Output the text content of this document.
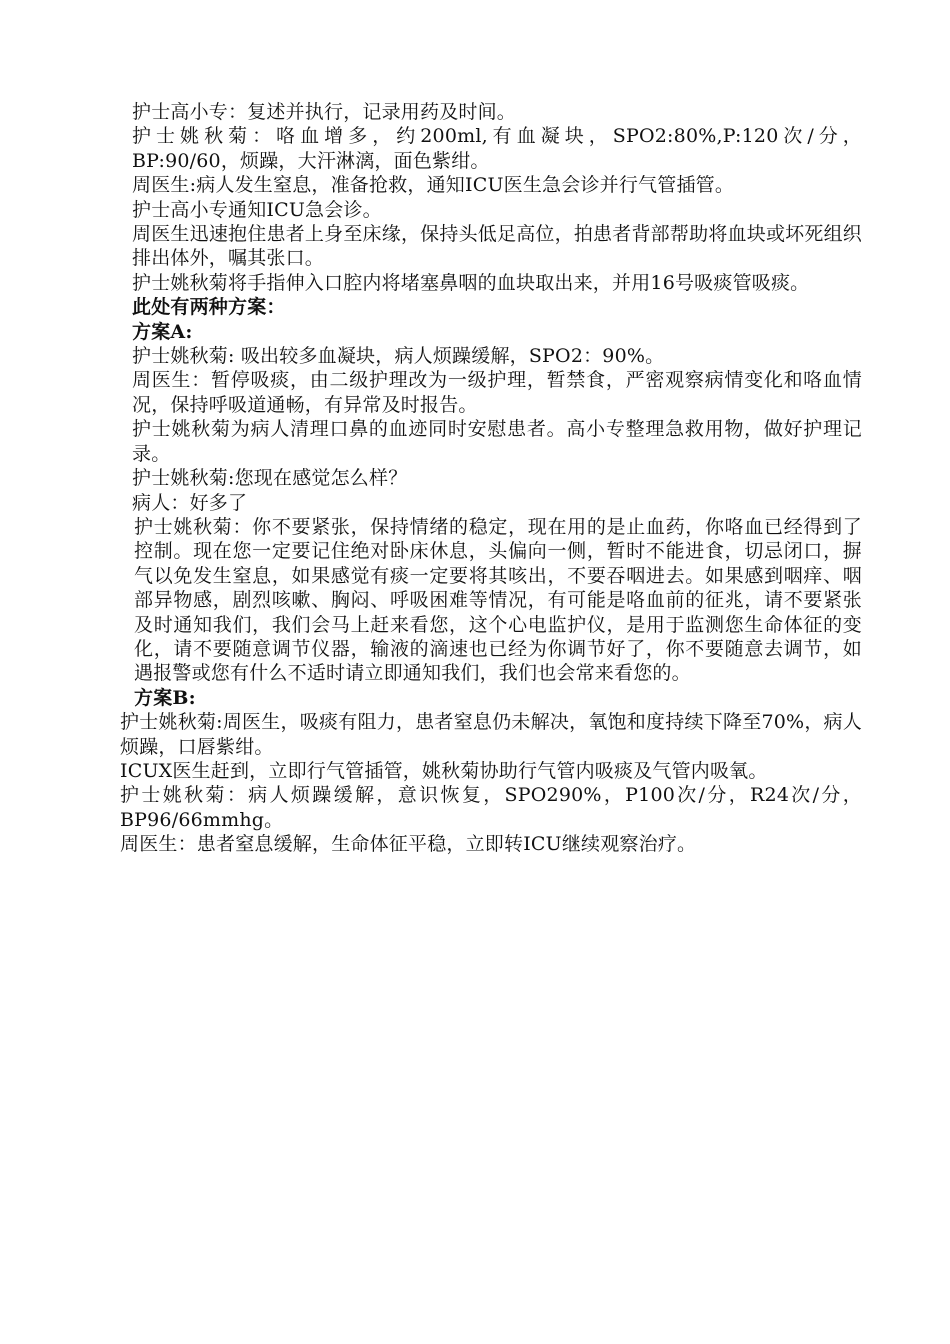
护士高小专：复述并执行，记录用药及时间。

护士姚秋菊：咯血增多，约200ml,有血凝块，SPO2:80%,P:120次/分，BP:90/60，烦躁，大汗淋漓，面色紫绀。

周医生:病人发生窒息，准备抢救，通知ICU医生急会诊并行气管插管。

护士高小专通知ICU急会诊。

周医生迅速抱住患者上身至床缘，保持头低足高位，拍患者背部帮助将血块或坏死组织排出体外，嘱其张口。

护士姚秋菊将手指伸入口腔内将堵塞鼻咽的血块取出来，并用16号吸痰管吸痰。

此处有两种方案：

方案A:

护士姚秋菊: 吸出较多血凝块，病人烦躁缓解，SPO2：90%。

周医生：暂停吸痰，由二级护理改为一级护理，暂禁食，严密观察病情变化和咯血情况，保持呼吸道通畅，有异常及时报告。

护士姚秋菊为病人清理口鼻的血迹同时安慰患者。高小专整理急救用物，做好护理记录。

护士姚秋菊:您现在感觉怎么样？

病人：好多了

护士姚秋菊：你不要紧张，保持情绪的稳定，现在用的是止血药，你咯血已经得到了控制。现在您一定要记住绝对卧床休息，头偏向一侧，暂时不能进食，切忌闭口，摒气以免发生窒息，如果感觉有痰一定要将其咳出，不要吞咽进去。如果感到咽痒、咽部异物感，剧烈咳嗽、胸闷、呼吸困难等情况，有可能是咯血前的征兆，请不要紧张及时通知我们，我们会马上赶来看您，这个心电监护仪，是用于监测您生命体征的变化，请不要随意调节仪器，输液的滴速也已经为你调节好了，你不要随意去调节，如遇报警或您有什么不适时请立即通知我们，我们也会常来看您的。

方案B:

护士姚秋菊:周医生，吸痰有阻力，患者窒息仍未解决，氧饱和度持续下降至70%，病人烦躁，口唇紫绀。

ICUX医生赶到，立即行气管插管，姚秋菊协助行气管内吸痰及气管内吸氧。

护士姚秋菊：病人烦躁缓解，意识恢复，SPO290%，P100次/分，R24次/分，BP96/66mmhg。

周医生：患者窒息缓解，生命体征平稳，立即转ICU继续观察治疗。
